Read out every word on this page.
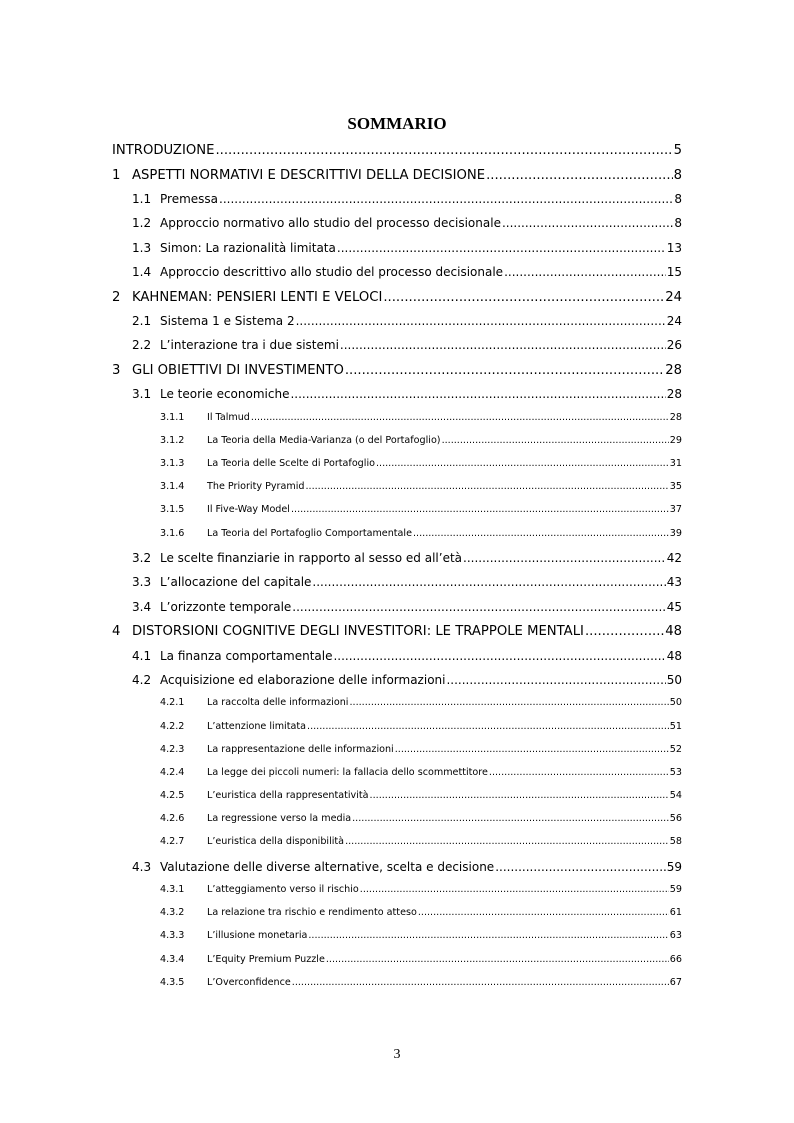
SOMMARIO
INTRODUZIONE .....	5
1 ASPETTI NORMATIVI E DESCRITTIVI DELLA DECISIONE .....	8
1.1 Premessa .....	8
1.2 Approccio normativo allo studio del processo decisionale .....	8
1.3 Simon: La razionalità limitata .....	13
1.4 Approccio descrittivo allo studio del processo decisionale .....	15
2 KAHNEMAN: PENSIERI LENTI E VELOCI .....	24
2.1 Sistema 1 e Sistema 2 .....	24
2.2 L’interazione tra i due sistemi .....	26
3 GLI OBIETTIVI DI INVESTIMENTO .....	28
3.1 Le teorie economiche .....	28
3.1.1	Il Talmud .....	28
3.1.2	La Teoria della Media-Varianza (o del Portafoglio) .....	29
3.1.3	La Teoria delle Scelte di Portafoglio .....	31
3.1.4	The Priority Pyramid .....	35
3.1.5	Il Five-Way Model .....	37
3.1.6	La Teoria del Portafoglio Comportamentale .....	39
3.2 Le scelte finanziarie in rapporto al sesso ed all’età .....	42
3.3 L’allocazione del capitale .....	43
3.4 L’orizzonte temporale .....	45
4 DISTORSIONI COGNITIVE DEGLI INVESTITORI: LE TRAPPOLE MENTALI .....	48
4.1 La finanza comportamentale .....	48
4.2 Acquisizione ed elaborazione delle informazioni .....	50
4.2.1	La raccolta delle informazioni .....	50
4.2.2	L’attenzione limitata .....	51
4.2.3	La rappresentazione delle informazioni .....	52
4.2.4	La legge dei piccoli numeri: la fallacia dello scommettitore .....	53
4.2.5	L’euristica della rappresentatività .....	54
4.2.6	La regressione verso la media .....	56
4.2.7	L’euristica della disponibilità .....	58
4.3 Valutazione delle diverse alternative, scelta e decisione .....	59
4.3.1	L’atteggiamento verso il rischio .....	59
4.3.2	La relazione tra rischio e rendimento atteso .....	61
4.3.3	L’illusione monetaria .....	63
4.3.4	L’Equity Premium Puzzle .....	66
4.3.5	L’Overconfidence .....	67
3
